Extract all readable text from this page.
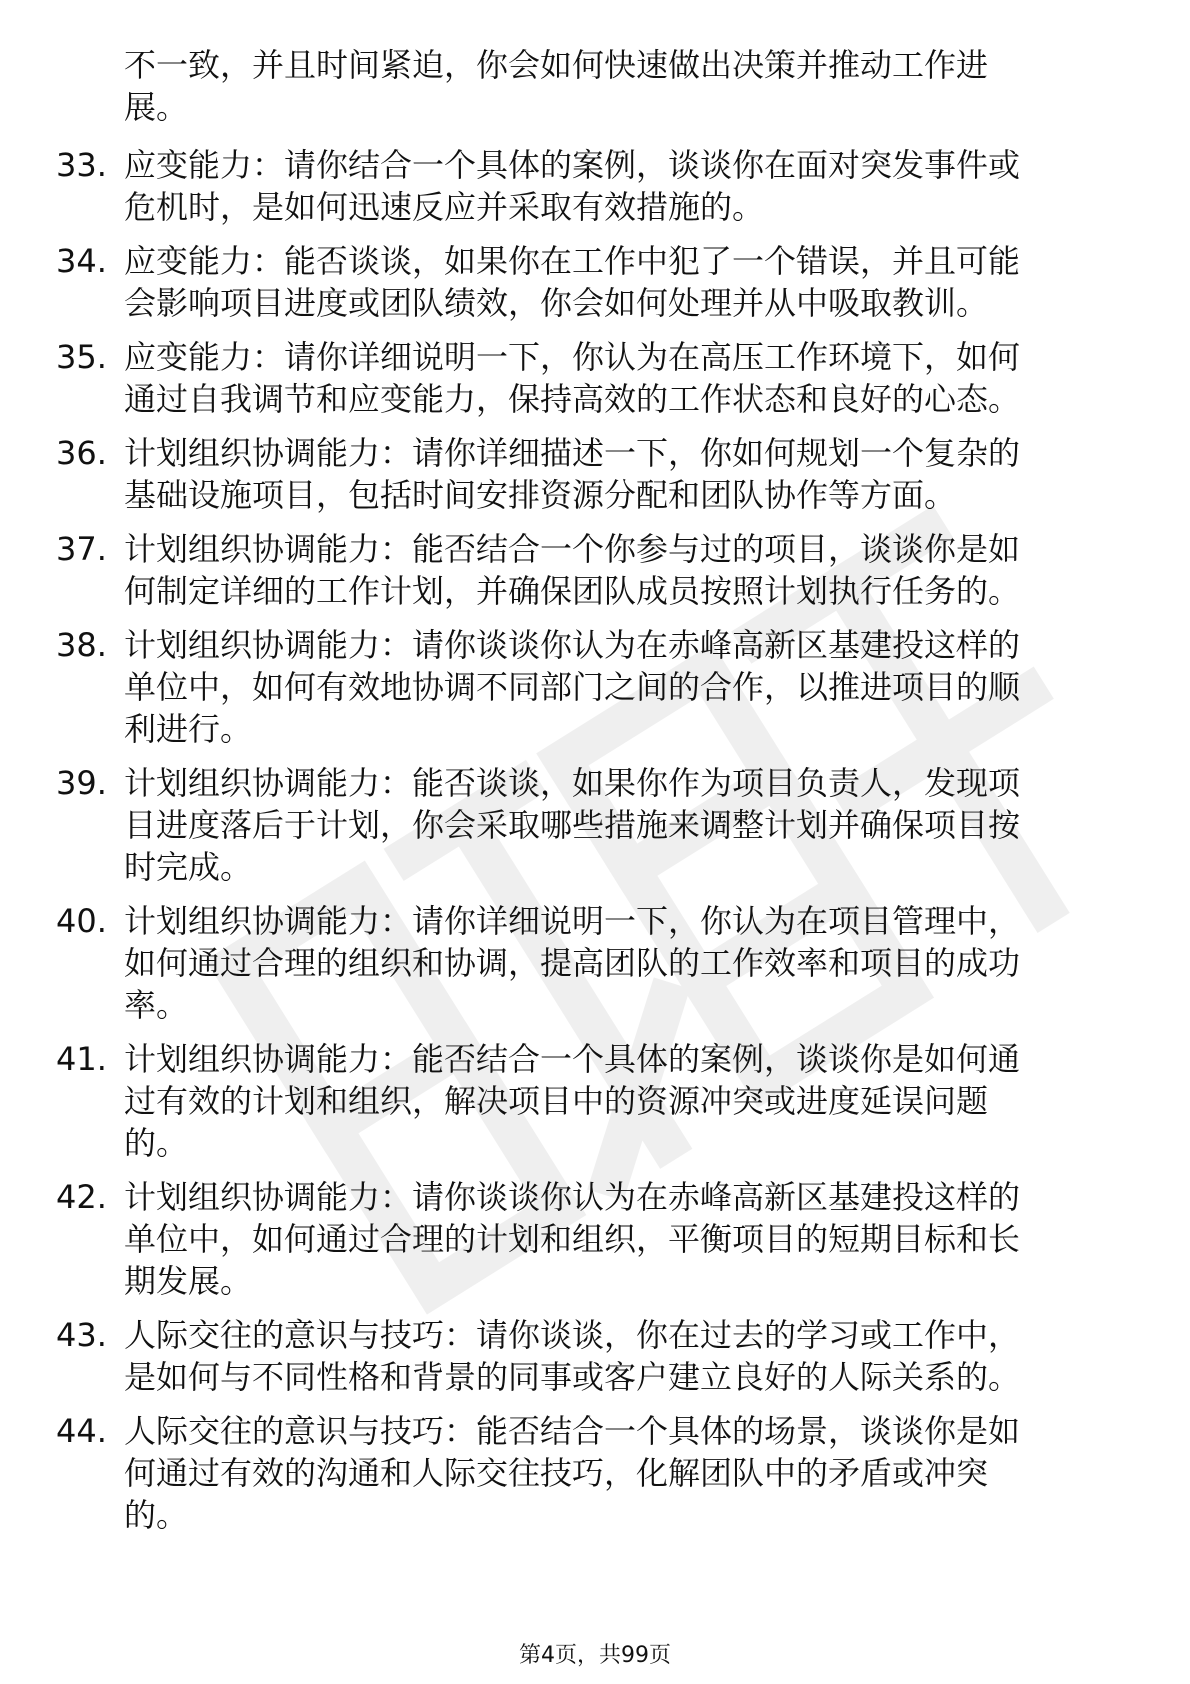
不一致，并且时间紧迫，你会如何快速做出决策并推动工作进
展。
33. 应变能力：请你结合一个具体的案例，谈谈你在面对突发事件或
危机时，是如何迅速反应并采取有效措施的。
34. 应变能力：能否谈谈，如果你在工作中犯了一个错误，并且可能
会影响项目进度或团队绩效，你会如何处理并从中吸取教训。
35. 应变能力：请你详细说明一下，你认为在高压工作环境下，如何
通过自我调节和应变能力，保持高效的工作状态和良好的心态。
36. 计划组织协调能力：请你详细描述一下，你如何规划一个复杂的
基础设施项目，包括时间安排资源分配和团队协作等方面。
37. 计划组织协调能力：能否结合一个你参与过的项目，谈谈你是如
何制定详细的工作计划，并确保团队成员按照计划执行任务的。
38. 计划组织协调能力：请你谈谈你认为在赤峰高新区基建投这样的
单位中，如何有效地协调不同部门之间的合作，以推进项目的顺
利进行。
39. 计划组织协调能力：能否谈谈，如果你作为项目负责人，发现项
目进度落后于计划，你会采取哪些措施来调整计划并确保项目按
时完成。
40. 计划组织协调能力：请你详细说明一下，你认为在项目管理中，
如何通过合理的组织和协调，提高团队的工作效率和项目的成功
率。
41. 计划组织协调能力：能否结合一个具体的案例，谈谈你是如何通
过有效的计划和组织，解决项目中的资源冲突或进度延误问题
的。
42. 计划组织协调能力：请你谈谈你认为在赤峰高新区基建投这样的
单位中，如何通过合理的计划和组织，平衡项目的短期目标和长
期发展。
43. 人际交往的意识与技巧：请你谈谈，你在过去的学习或工作中，
是如何与不同性格和背景的同事或客户建立良好的人际关系的。
44. 人际交往的意识与技巧：能否结合一个具体的场景，谈谈你是如
何通过有效的沟通和人际交往技巧，化解团队中的矛盾或冲突
的。
第4页，共99页
